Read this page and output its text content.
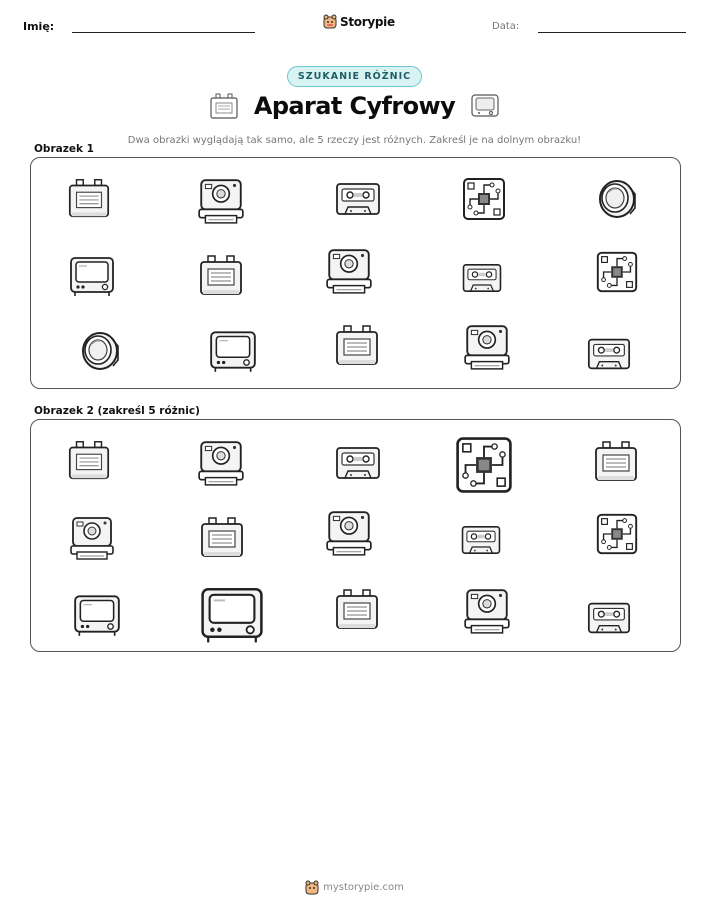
Imię:	Storypie	Data:
SZUKANIE RÓŻNIC
Aparat Cyfrowy
Dwa obrazki wyglądają tak samo, ale 5 rzeczy jest różnych. Zakreśl je na dolnym obrazku!
Obrazek 1
Obrazek 2 (zakreśl 5 różnic)
mystorypie.com
